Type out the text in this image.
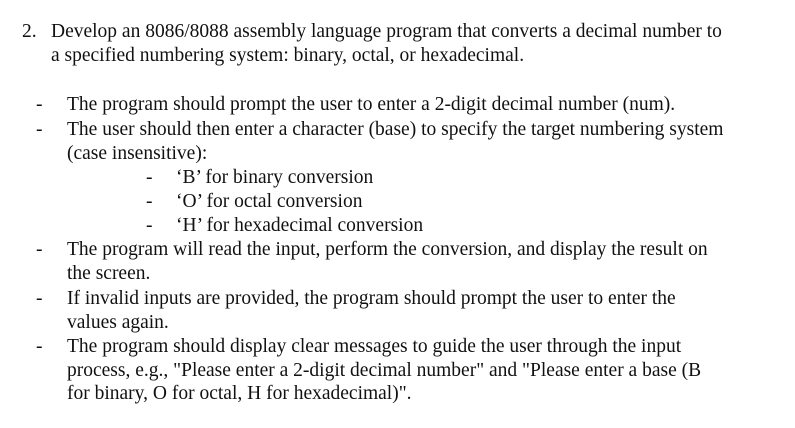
2. Develop an 8086/8088 assembly language program that converts a decimal number to
a specified numbering system: binary, octal, or hexadecimal.
- The program should prompt the user to enter a 2-digit decimal number (num).
- The user should then enter a character (base) to specify the target numbering system
(case insensitive):
- ‘B’ for binary conversion
- ‘O’ for octal conversion
- ‘H’ for hexadecimal conversion
- The program will read the input, perform the conversion, and display the result on
the screen.
- If invalid inputs are provided, the program should prompt the user to enter the
values again.
- The program should display clear messages to guide the user through the input
process, e.g., "Please enter a 2-digit decimal number" and "Please enter a base (B
for binary, O for octal, H for hexadecimal)".
